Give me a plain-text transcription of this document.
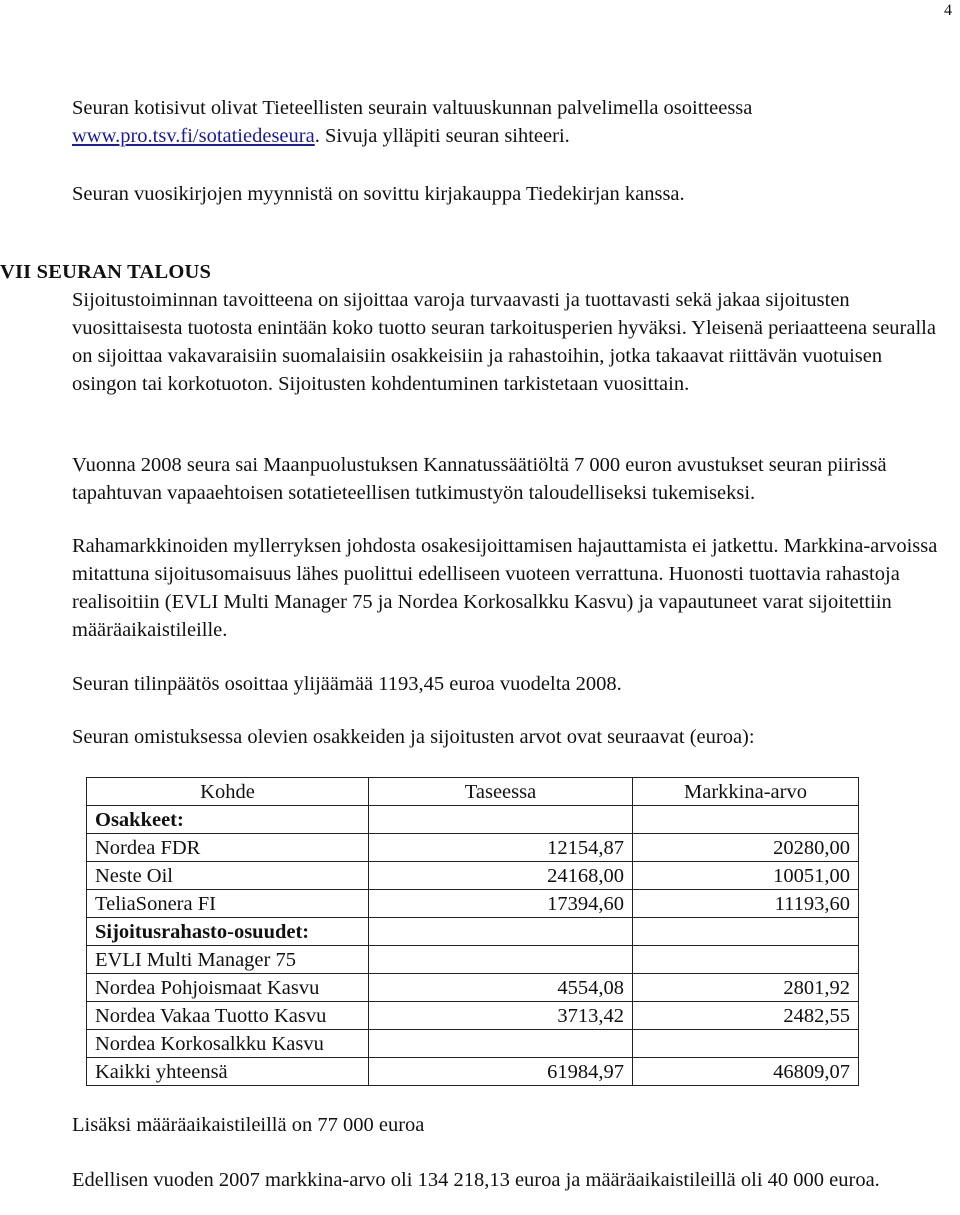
4

Seuran kotisivut olivat Tieteellisten seurain valtuuskunnan palvelimella osoitteessa
www.pro.tsv.fi/sotatiedeseura. Sivuja ylläpiti seuran sihteeri.

Seuran vuosikirjojen myynnistä on sovittu kirjakauppa Tiedekirjan kanssa.

VII SEURAN TALOUS

Sijoitustoiminnan tavoitteena on sijoittaa varoja turvaavasti ja tuottavasti sekä jakaa sijoitusten vuosittaisesta tuotosta enintään koko tuotto seuran tarkoitusperien hyväksi. Yleisenä periaatteena seuralla on sijoittaa vakavaraisiin suomalaisiin osakkeisiin ja rahastoihin, jotka takaavat riittävän vuotuisen osingon tai korkotuoton. Sijoitusten kohdentuminen tarkistetaan vuosittain.

Vuonna 2008 seura sai Maanpuolustuksen Kannatussäätiöltä 7 000 euron avustukset seuran piirissä tapahtuvan vapaaehtoisen sotatieteellisen tutkimustyön taloudelliseksi tukemiseksi.

Rahamarkkinoiden myllerryksen johdosta osakesijoittamisen hajauttamista ei jatkettu. Markkina-arvoissa mitattuna sijoitusomaisuus lähes puolittui edelliseen vuoteen verrattuna. Huonosti tuottavia rahastoja realisoitiin (EVLI Multi Manager 75 ja Nordea Korkosalkku Kasvu) ja vapautuneet varat sijoitettiin määräaikaistileille.

Seuran tilinpäätös osoittaa ylijäämää 1193,45 euroa vuodelta 2008.

Seuran omistuksessa olevien osakkeiden ja sijoitusten arvot ovat seuraavat (euroa):

Kohde	Taseessa	Markkina-arvo
Osakkeet:		
Nordea FDR	12154,87	20280,00
Neste Oil	24168,00	10051,00
TeliaSonera FI	17394,60	11193,60
Sijoitusrahasto-osuudet:		
EVLI Multi Manager 75		
Nordea Pohjoismaat Kasvu	4554,08	2801,92
Nordea Vakaa Tuotto Kasvu	3713,42	2482,55
Nordea Korkosalkku Kasvu		
Kaikki yhteensä	61984,97	46809,07

Lisäksi määräaikaistileillä on 77 000 euroa

Edellisen vuoden 2007 markkina-arvo oli 134 218,13 euroa ja määräaikaistileillä oli 40 000 euroa.
